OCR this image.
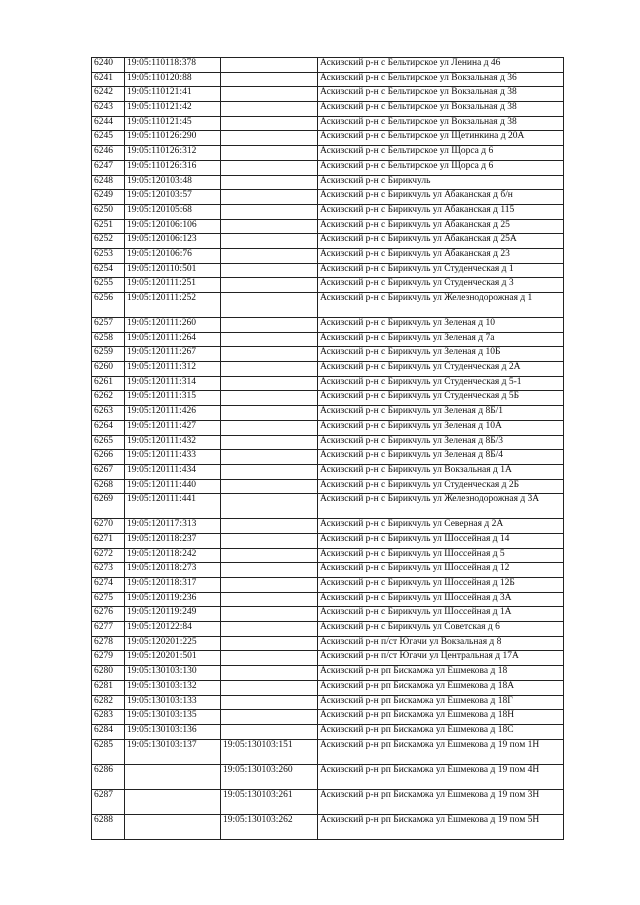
6240	19:05:110118:378		Аскизский р-н с Бельтирское ул Ленина д 46
6241	19:05:110120:88		Аскизский р-н с Бельтирское ул Вокзальная д 36
6242	19:05:110121:41		Аскизский р-н с Бельтирское ул Вокзальная д 38
6243	19:05:110121:42		Аскизский р-н с Бельтирское ул Вокзальная д 38
6244	19:05:110121:45		Аскизский р-н с Бельтирское ул Вокзальная д 38
6245	19:05:110126:290		Аскизский р-н с Бельтирское ул Щетинкина д 20А
6246	19:05:110126:312		Аскизский р-н с Бельтирское ул Щорса д 6
6247	19:05:110126:316		Аскизский р-н с Бельтирское ул Щорса д 6
6248	19:05:120103:48		Аскизский р-н с Бирикчуль
6249	19:05:120103:57		Аскизский р-н с Бирикчуль ул Абаканская д б/н
6250	19:05:120105:68		Аскизский р-н с Бирикчуль ул Абаканская д 115
6251	19:05:120106:106		Аскизский р-н с Бирикчуль ул Абаканская д 25
6252	19:05:120106:123		Аскизский р-н с Бирикчуль ул Абаканская д 25А
6253	19:05:120106:76		Аскизский р-н с Бирикчуль ул Абаканская д 23
6254	19:05:120110:501		Аскизский р-н с Бирикчуль ул Студенческая д 1
6255	19:05:120111:251		Аскизский р-н с Бирикчуль ул Студенческая д 3
6256	19:05:120111:252		Аскизский р-н с Бирикчуль ул Железнодорожная д 1
6257	19:05:120111:260		Аскизский р-н с Бирикчуль ул Зеленая д 10
6258	19:05:120111:264		Аскизский р-н с Бирикчуль ул Зеленая д 7а
6259	19:05:120111:267		Аскизский р-н с Бирикчуль ул Зеленая д 10Б
6260	19:05:120111:312		Аскизский р-н с Бирикчуль ул Студенческая д 2А
6261	19:05:120111:314		Аскизский р-н с Бирикчуль ул Студенческая д 5-1
6262	19:05:120111:315		Аскизский р-н с Бирикчуль ул Студенческая д 5Б
6263	19:05:120111:426		Аскизский р-н с Бирикчуль ул Зеленая д 8Б/1
6264	19:05:120111:427		Аскизский р-н с Бирикчуль ул Зеленая д 10А
6265	19:05:120111:432		Аскизский р-н с Бирикчуль ул Зеленая д 8Б/3
6266	19:05:120111:433		Аскизский р-н с Бирикчуль ул Зеленая д 8Б/4
6267	19:05:120111:434		Аскизский р-н с Бирикчуль ул Вокзальная д 1А
6268	19:05:120111:440		Аскизский р-н с Бирикчуль ул Студенческая д 2Б
6269	19:05:120111:441		Аскизский р-н с Бирикчуль ул Железнодорожная д 3А
6270	19:05:120117:313		Аскизский р-н с Бирикчуль ул Северная д 2А
6271	19:05:120118:237		Аскизский р-н с Бирикчуль ул Шоссейная д 14
6272	19:05:120118:242		Аскизский р-н с Бирикчуль ул Шоссейная д 5
6273	19:05:120118:273		Аскизский р-н с Бирикчуль ул Шоссейная д 12
6274	19:05:120118:317		Аскизский р-н с Бирикчуль ул Шоссейная д 12Б
6275	19:05:120119:236		Аскизский р-н с Бирикчуль ул Шоссейная д 3А
6276	19:05:120119:249		Аскизский р-н с Бирикчуль ул Шоссейная д 1А
6277	19:05:120122:84		Аскизский р-н с Бирикчуль ул Советская д 6
6278	19:05:120201:225		Аскизский р-н п/ст Югачи ул Вокзальная д 8
6279	19:05:120201:501		Аскизский р-н п/ст Югачи ул Центральная д 17А
6280	19:05:130103:130		Аскизский р-н рп Бискамжа ул Ешмекова д 18
6281	19:05:130103:132		Аскизский р-н рп Бискамжа ул Ешмекова д 18А
6282	19:05:130103:133		Аскизский р-н рп Бискамжа ул Ешмекова д 18Г
6283	19:05:130103:135		Аскизский р-н рп Бискамжа ул Ешмекова д 18Н
6284	19:05:130103:136		Аскизский р-н рп Бискамжа ул Ешмекова д 18С
6285	19:05:130103:137	19:05:130103:151	Аскизский р-н рп Бискамжа ул Ешмекова д 19 пом 1Н
6286		19:05:130103:260	Аскизский р-н рп Бискамжа ул Ешмекова д 19 пом 4Н
6287		19:05:130103:261	Аскизский р-н рп Бискамжа ул Ешмекова д 19 пом 3Н
6288		19:05:130103:262	Аскизский р-н рп Бискамжа ул Ешмекова д 19 пом 5Н
